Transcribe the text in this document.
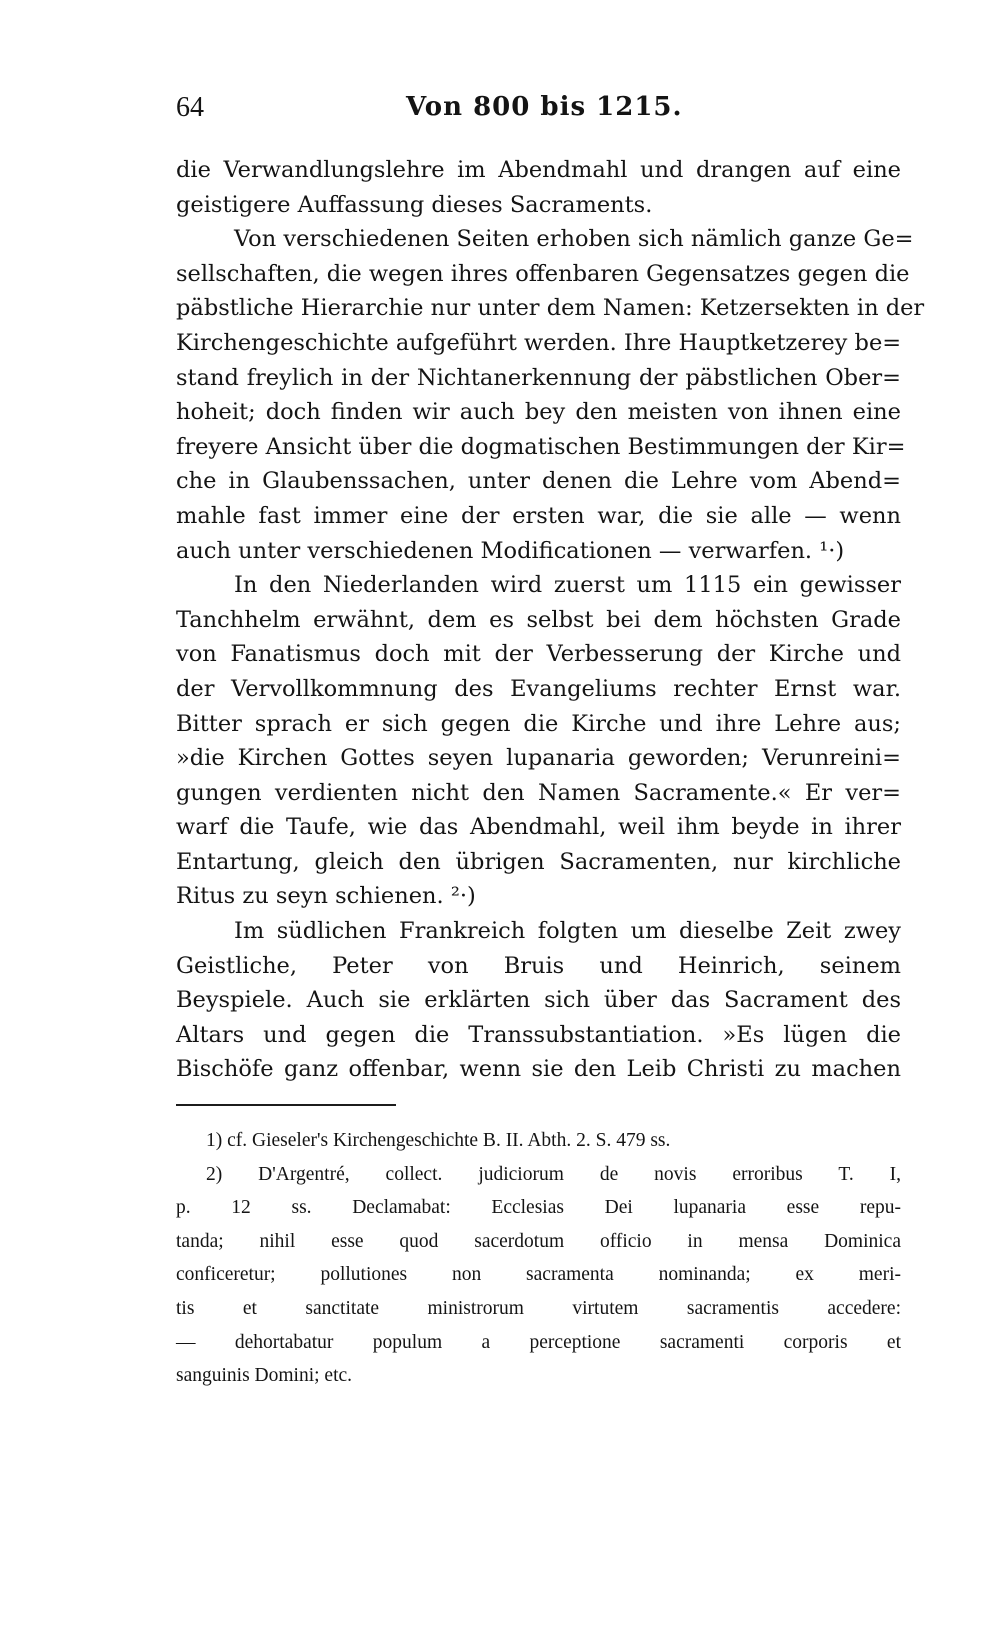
64	Von 800 bis 1215.
die Verwandlungslehre im Abendmahl und drangen auf eine
geistigere Auffassung dieses Sacraments.
Von verschiedenen Seiten erhoben sich nämlich ganze Ge=
sellschaften, die wegen ihres offenbaren Gegensatzes gegen die
päbstliche Hierarchie nur unter dem Namen: Ketzersekten in der
Kirchengeschichte aufgeführt werden. Ihre Hauptketzerey be=
stand freylich in der Nichtanerkennung der päbstlichen Ober=
hoheit; doch finden wir auch bey den meisten von ihnen eine
freyere Ansicht über die dogmatischen Bestimmungen der Kir=
che in Glaubenssachen, unter denen die Lehre vom Abend=
mahle fast immer eine der ersten war, die sie alle — wenn
auch unter verschiedenen Modificationen — verwarfen. ¹·)
In den Niederlanden wird zuerst um 1115 ein gewisser
Tanchhelm erwähnt, dem es selbst bei dem höchsten Grade
von Fanatismus doch mit der Verbesserung der Kirche und
der Vervollkommnung des Evangeliums rechter Ernst war.
Bitter sprach er sich gegen die Kirche und ihre Lehre aus;
»die Kirchen Gottes seyen lupanaria geworden; Verunreini=
gungen verdienten nicht den Namen Sacramente.« Er ver=
warf die Taufe, wie das Abendmahl, weil ihm beyde in ihrer
Entartung, gleich den übrigen Sacramenten, nur kirchliche
Ritus zu seyn schienen. ²·)
Im südlichen Frankreich folgten um dieselbe Zeit zwey
Geistliche, Peter von Bruis und Heinrich, seinem
Beyspiele. Auch sie erklärten sich über das Sacrament des
Altars und gegen die Transsubstantiation. »Es lügen die
Bischöfe ganz offenbar, wenn sie den Leib Christi zu machen
1) cf. Gieseler's Kirchengeschichte B. II. Abth. 2. S. 479 ss.
2) D'Argentré, collect. judiciorum de novis erroribus T. I,
p. 12 ss. Declamabat: Ecclesias Dei lupanaria esse repu-
tanda; nihil esse quod sacerdotum officio in mensa Dominica
conficeretur; pollutiones non sacramenta nominanda; ex meri-
tis et sanctitate ministrorum virtutem sacramentis accedere:
— dehortabatur populum a perceptione sacramenti corporis et
sanguinis Domini; etc.
